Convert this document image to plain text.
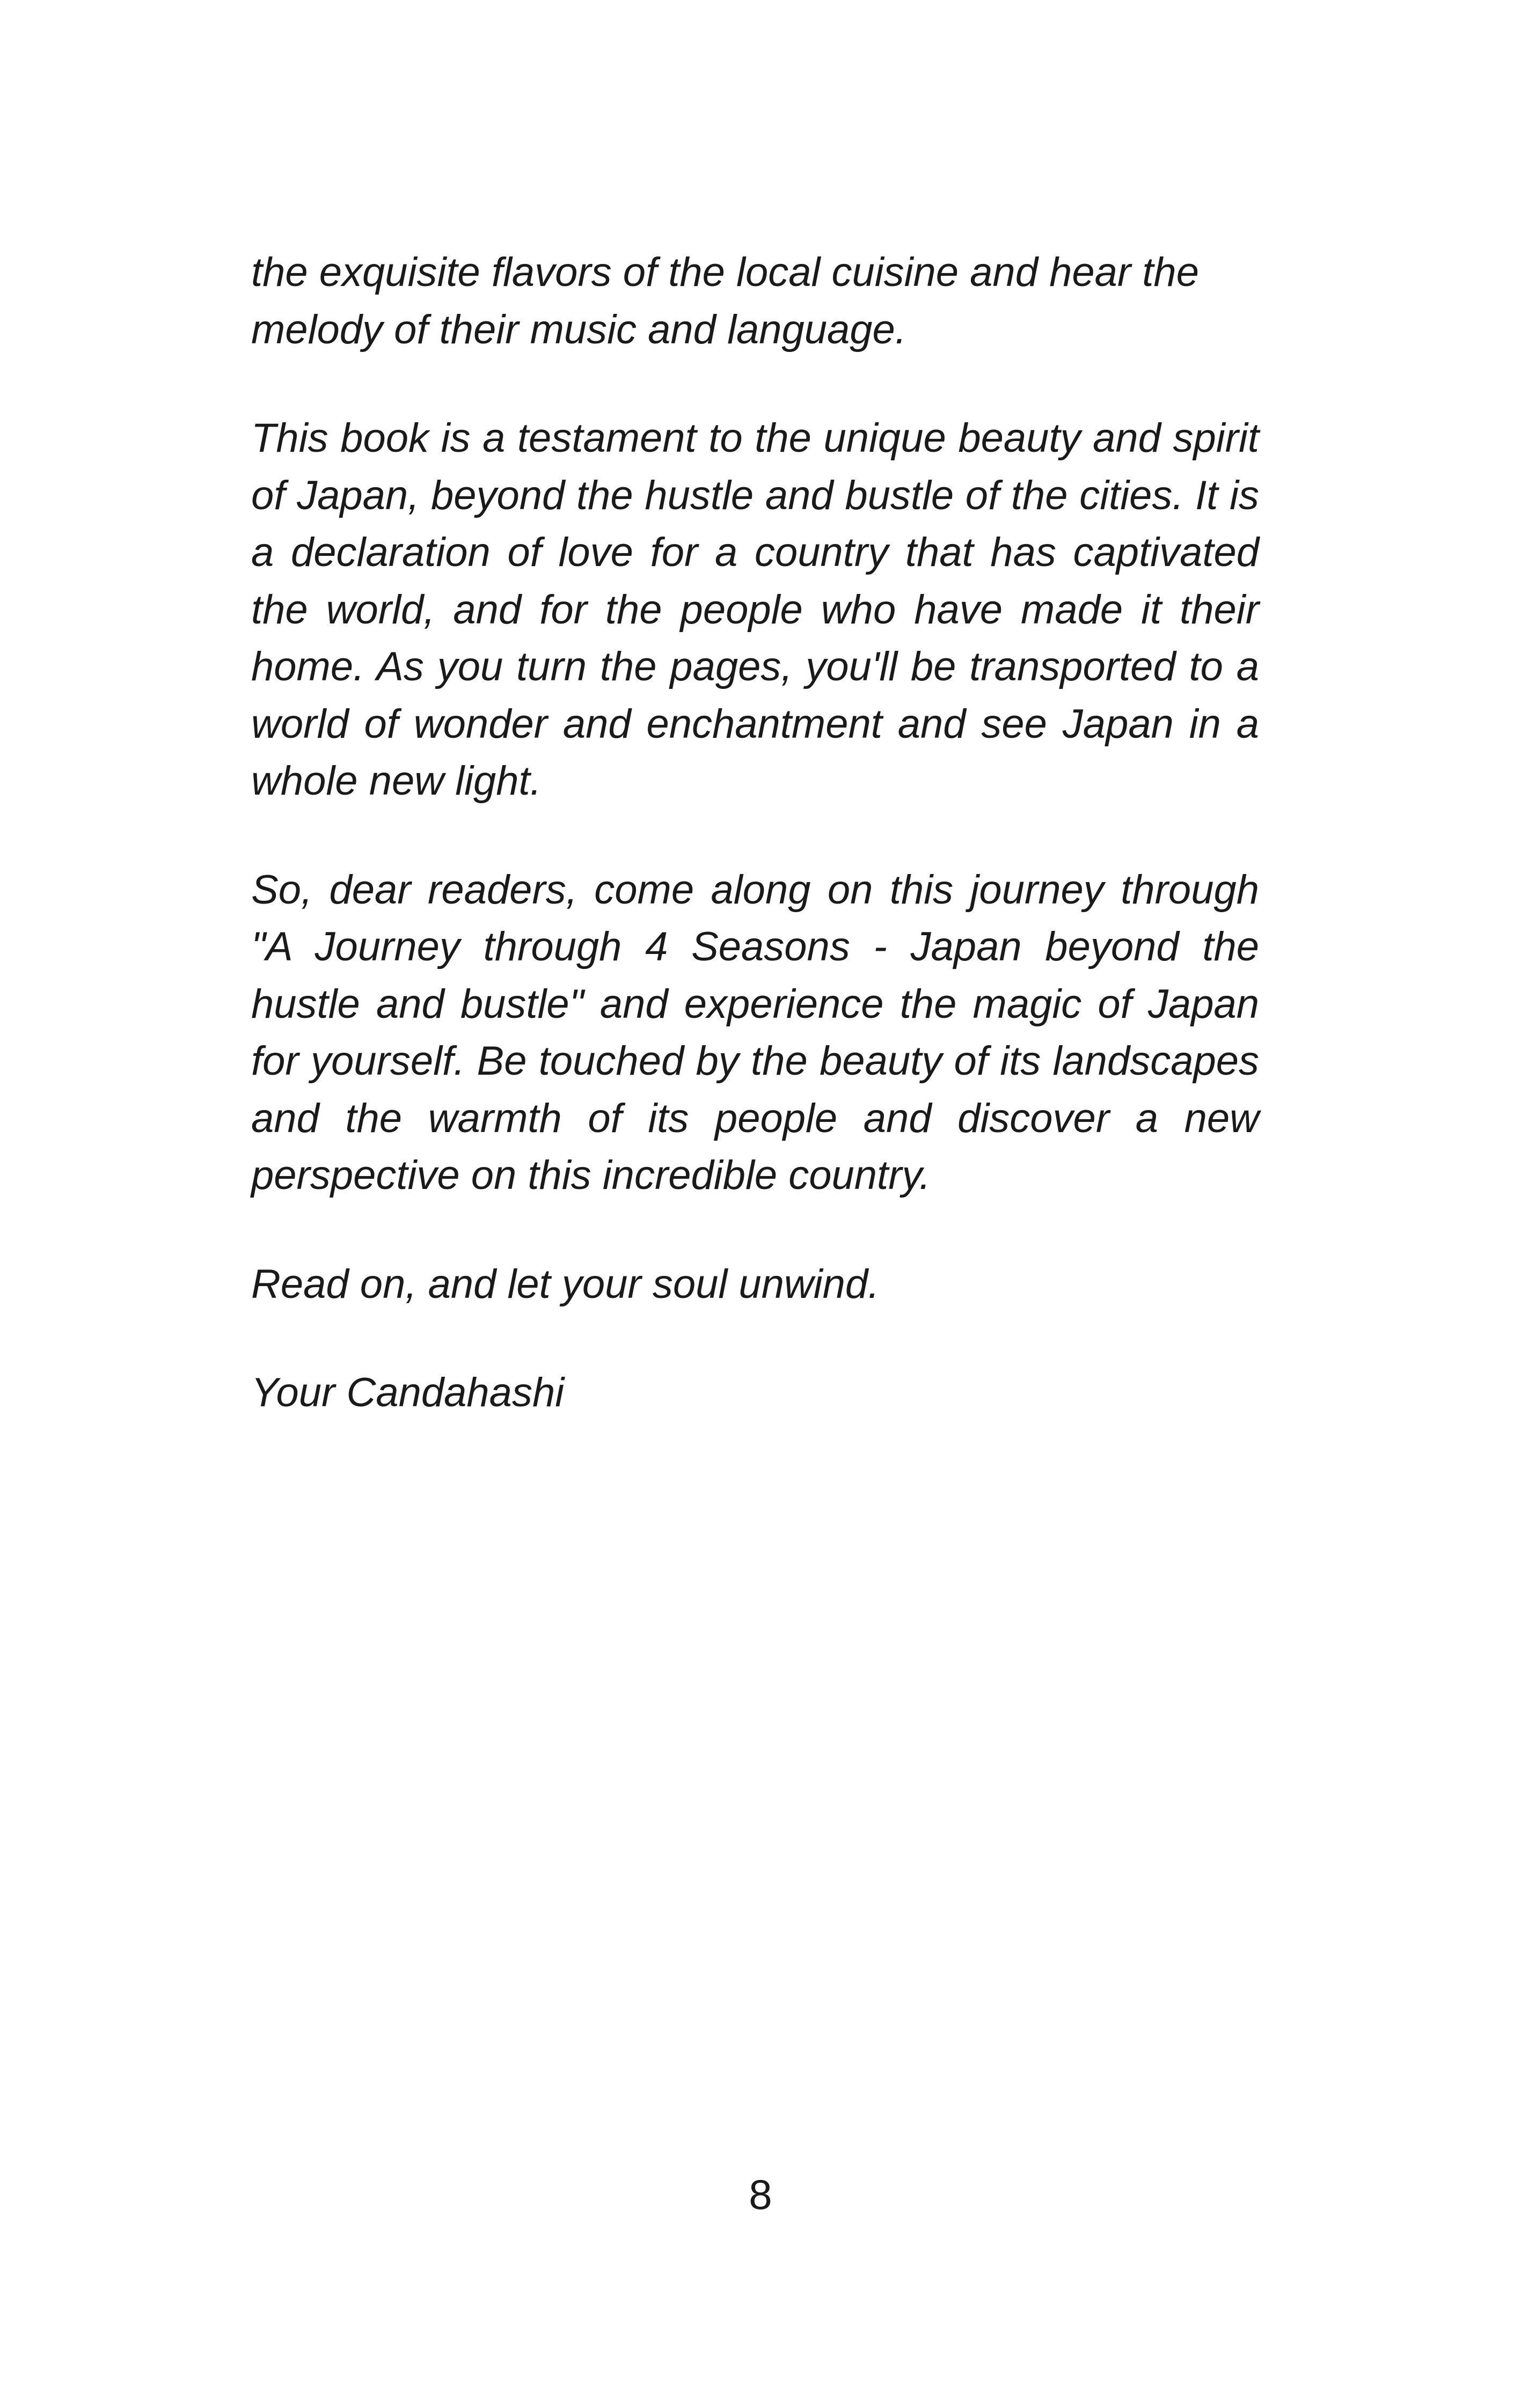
the exquisite flavors of the local cuisine and hear the melody of their music and language.

This book is a testament to the unique beauty and spirit of Japan, beyond the hustle and bustle of the cities. It is a declaration of love for a country that has captivated the world, and for the people who have made it their home. As you turn the pages, you'll be transported to a world of wonder and enchantment and see Japan in a whole new light.

So, dear readers, come along on this journey through "A Journey through 4 Seasons - Japan beyond the hustle and bustle" and experience the magic of Japan for yourself. Be touched by the beauty of its landscapes and the warmth of its people and discover a new perspective on this incredible country.

Read on, and let your soul unwind.

Your Candahashi

8
